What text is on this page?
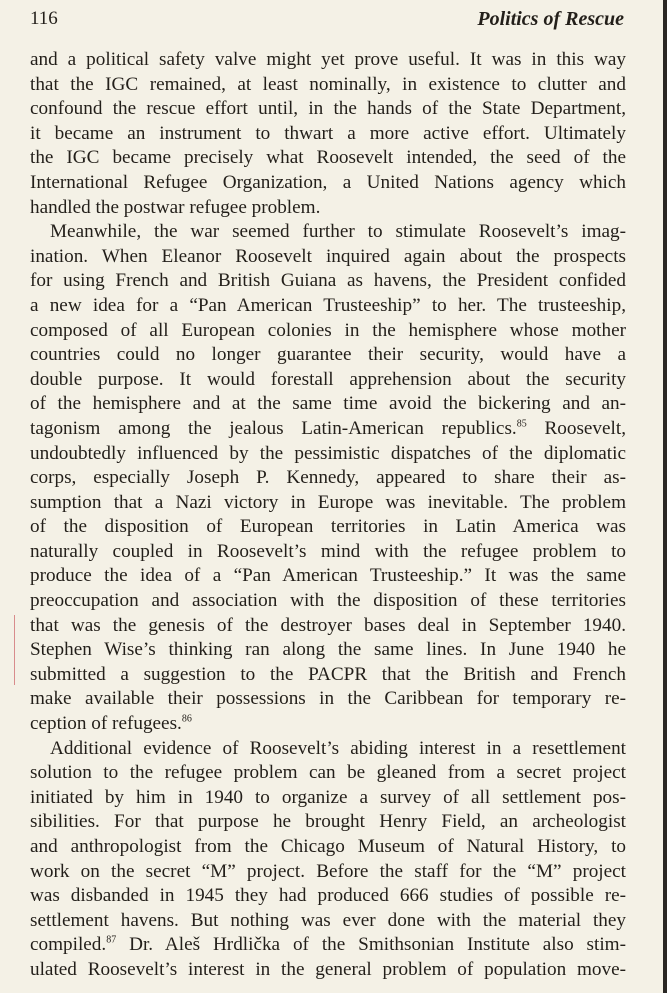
116	Politics of Rescue
and a political safety valve might yet prove useful. It was in this way
that the IGC remained, at least nominally, in existence to clutter and
confound the rescue effort until, in the hands of the State Department,
it became an instrument to thwart a more active effort. Ultimately
the IGC became precisely what Roosevelt intended, the seed of the
International Refugee Organization, a United Nations agency which
handled the postwar refugee problem.
Meanwhile, the war seemed further to stimulate Roosevelt’s imag-
ination. When Eleanor Roosevelt inquired again about the prospects
for using French and British Guiana as havens, the President confided
a new idea for a “Pan American Trusteeship” to her. The trusteeship,
composed of all European colonies in the hemisphere whose mother
countries could no longer guarantee their security, would have a
double purpose. It would forestall apprehension about the security
of the hemisphere and at the same time avoid the bickering and an-
tagonism among the jealous Latin-American republics.$^{85}$ Roosevelt,
undoubtedly influenced by the pessimistic dispatches of the diplomatic
corps, especially Joseph P. Kennedy, appeared to share their as-
sumption that a Nazi victory in Europe was inevitable. The problem
of the disposition of European territories in Latin America was
naturally coupled in Roosevelt’s mind with the refugee problem to
produce the idea of a “Pan American Trusteeship.” It was the same
preoccupation and association with the disposition of these territories
that was the genesis of the destroyer bases deal in September 1940.
Stephen Wise’s thinking ran along the same lines. In June 1940 he
submitted a suggestion to the PACPR that the British and French
make available their possessions in the Caribbean for temporary re-
ception of refugees.$^{86}$
Additional evidence of Roosevelt’s abiding interest in a resettlement
solution to the refugee problem can be gleaned from a secret project
initiated by him in 1940 to organize a survey of all settlement pos-
sibilities. For that purpose he brought Henry Field, an archeologist
and anthropologist from the Chicago Museum of Natural History, to
work on the secret “M” project. Before the staff for the “M” project
was disbanded in 1945 they had produced 666 studies of possible re-
settlement havens. But nothing was ever done with the material they
compiled.$^{87}$ Dr. Aleš Hrdlička of the Smithsonian Institute also stim-
ulated Roosevelt’s interest in the general problem of population move-
